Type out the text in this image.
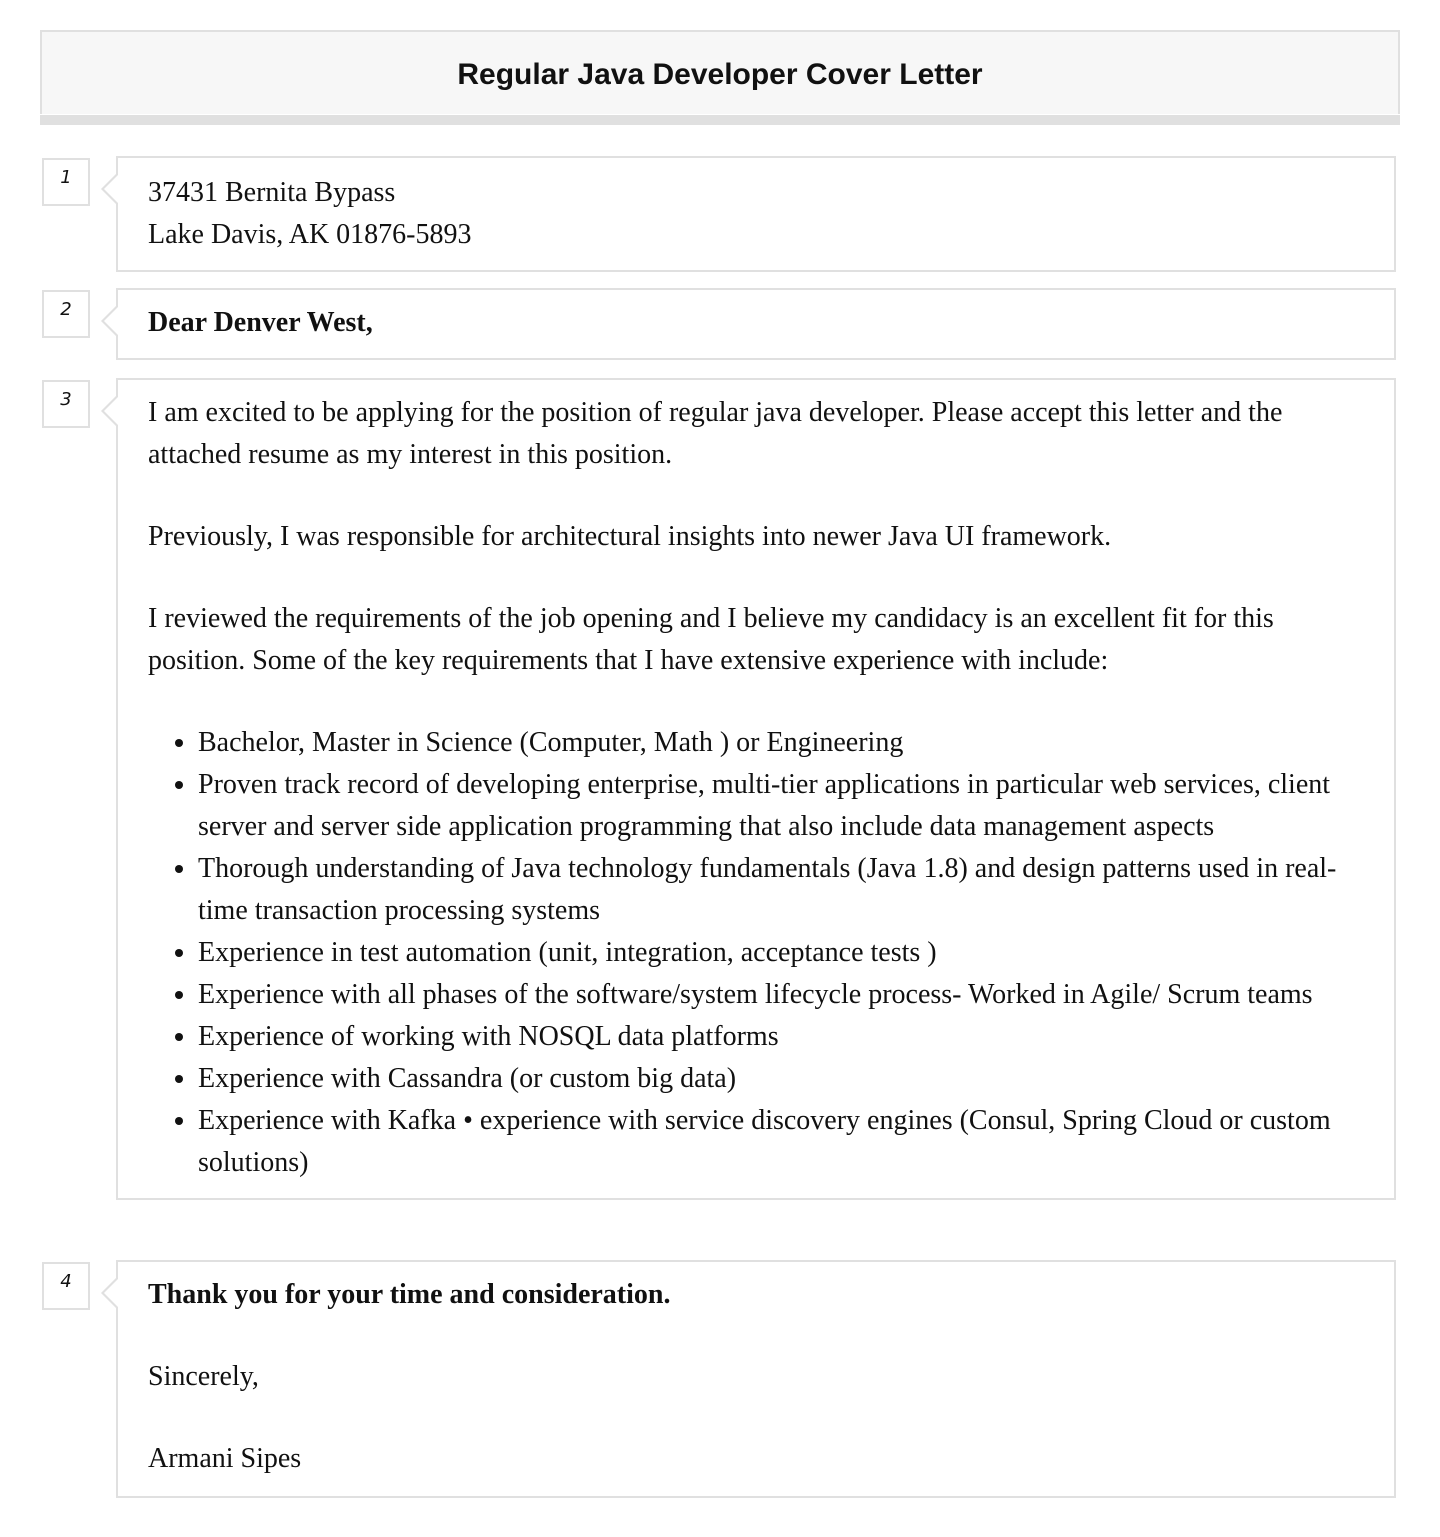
Regular Java Developer Cover Letter
1	37431 Bernita Bypass

Lake Davis, AK 01876-5893

2	Dear Denver West,

3	I am excited to be applying for the position of regular java developer. Please accept this letter and the attached resume as my interest in this position.

Previously, I was responsible for architectural insights into newer Java UI framework.

I reviewed the requirements of the job opening and I believe my candidacy is an excellent fit for this position. Some of the key requirements that I have extensive experience with include:

• Bachelor, Master in Science (Computer, Math ) or Engineering
• Proven track record of developing enterprise, multi-tier applications in particular web services, client server and server side application programming that also include data management aspects
• Thorough understanding of Java technology fundamentals (Java 1.8) and design patterns used in real-time transaction processing systems
• Experience in test automation (unit, integration, acceptance tests )
• Experience with all phases of the software/system lifecycle process- Worked in Agile/ Scrum teams
• Experience of working with NOSQL data platforms
• Experience with Cassandra (or custom big data)
• Experience with Kafka • experience with service discovery engines (Consul, Spring Cloud or custom solutions)
4	Thank you for your time and consideration.

Sincerely,

Armani Sipes
